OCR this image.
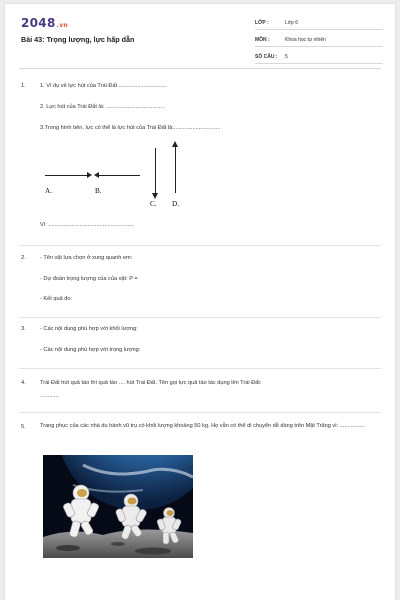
2048.vn
Bài 43: Trọng lượng, lực hấp dẫn
LỚP :	Lớp 6
MÔN :	Khoa học tự nhiên
SỐ CÂU :	5
1.	1. Ví dụ về lực hút của Trái Đất ...............................
2. Lực hút của Trái Đất là: ......................................
3.Trong hình bên, lực có thể là lực hút của Trái Đất là:..............................
A.	B.
C. D.
Vì: .......................................................
2.	- Tên vật lựa chọn ở xung quanh em:
- Dự đoán trọng lượng của của vật: P =
- Kết quả đo:
3.	- Các nội dung phù hợp với khối lượng:
- Các nội dung phù hợp với trọng lượng:
4.	Trái Đất hút quả táo thì quả táo .... hút Trái Đất. Tên gọi lực quả táo tác dụng lên Trái Đất:
............
5.	Trang phục của các nhà du hành vũ trụ có khối lượng khoảng 50 kg. Họ vẫn có thể di chuyển dễ dàng trên Mặt Trăng vì: ................
